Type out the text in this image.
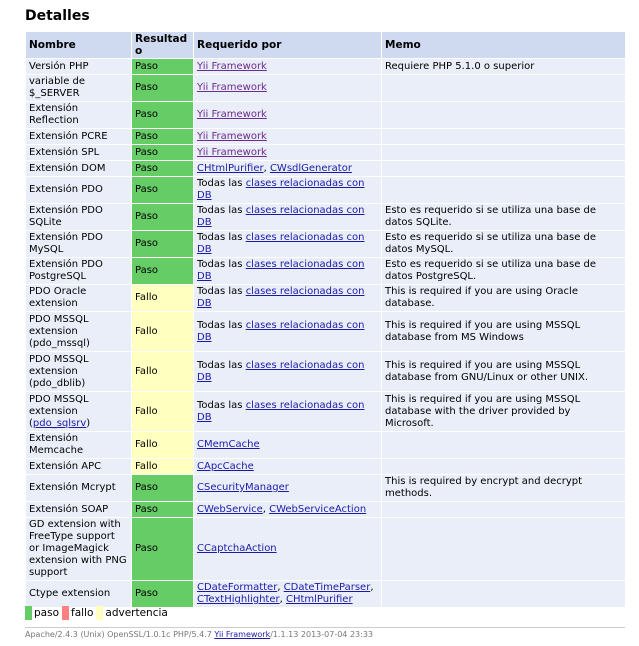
Detalles
Nombre	Resultado	Requerido por	Memo
Versión PHP	Paso	Yii Framework	Requiere PHP 5.1.0 o superior
variable de $_SERVER	Paso	Yii Framework	
Extensión Reflection	Paso	Yii Framework	
Extensión PCRE	Paso	Yii Framework	
Extensión SPL	Paso	Yii Framework	
Extensión DOM	Paso	CHtmlPurifier, CWsdlGenerator	
Extensión PDO	Paso	Todas las clases relacionadas con DB	
Extensión PDO SQLite	Paso	Todas las clases relacionadas con DB	Esto es requerido si se utiliza una base de datos SQLite.
Extensión PDO MySQL	Paso	Todas las clases relacionadas con DB	Esto es requerido si se utiliza una base de datos MySQL.
Extensión PDO PostgreSQL	Paso	Todas las clases relacionadas con DB	Esto es requerido si se utiliza una base de datos PostgreSQL.
PDO Oracle extension	Fallo	Todas las clases relacionadas con DB	This is required if you are using Oracle database.
PDO MSSQL extension (pdo_mssql)	Fallo	Todas las clases relacionadas con DB	This is required if you are using MSSQL database from MS Windows
PDO MSSQL extension (pdo_dblib)	Fallo	Todas las clases relacionadas con DB	This is required if you are using MSSQL database from GNU/Linux or other UNIX.
PDO MSSQL extension (pdo_sqlsrv)	Fallo	Todas las clases relacionadas con DB	This is required if you are using MSSQL database with the driver provided by Microsoft.
Extensión Memcache	Fallo	CMemCache	
Extensión APC	Fallo	CApcCache	
Extensión Mcrypt	Paso	CSecurityManager	This is required by encrypt and decrypt methods.
Extensión SOAP	Paso	CWebService, CWebServiceAction	
GD extension with FreeType support or ImageMagick extension with PNG support	Paso	CCaptchaAction	
Ctype extension	Paso	CDateFormatter, CDateTimeParser, CTextHighlighter, CHtmlPurifier	
paso fallo advertencia
Apache/2.4.3 (Unix) OpenSSL/1.0.1c PHP/5.4.7 Yii Framework/1.1.13 2013-07-04 23:33
